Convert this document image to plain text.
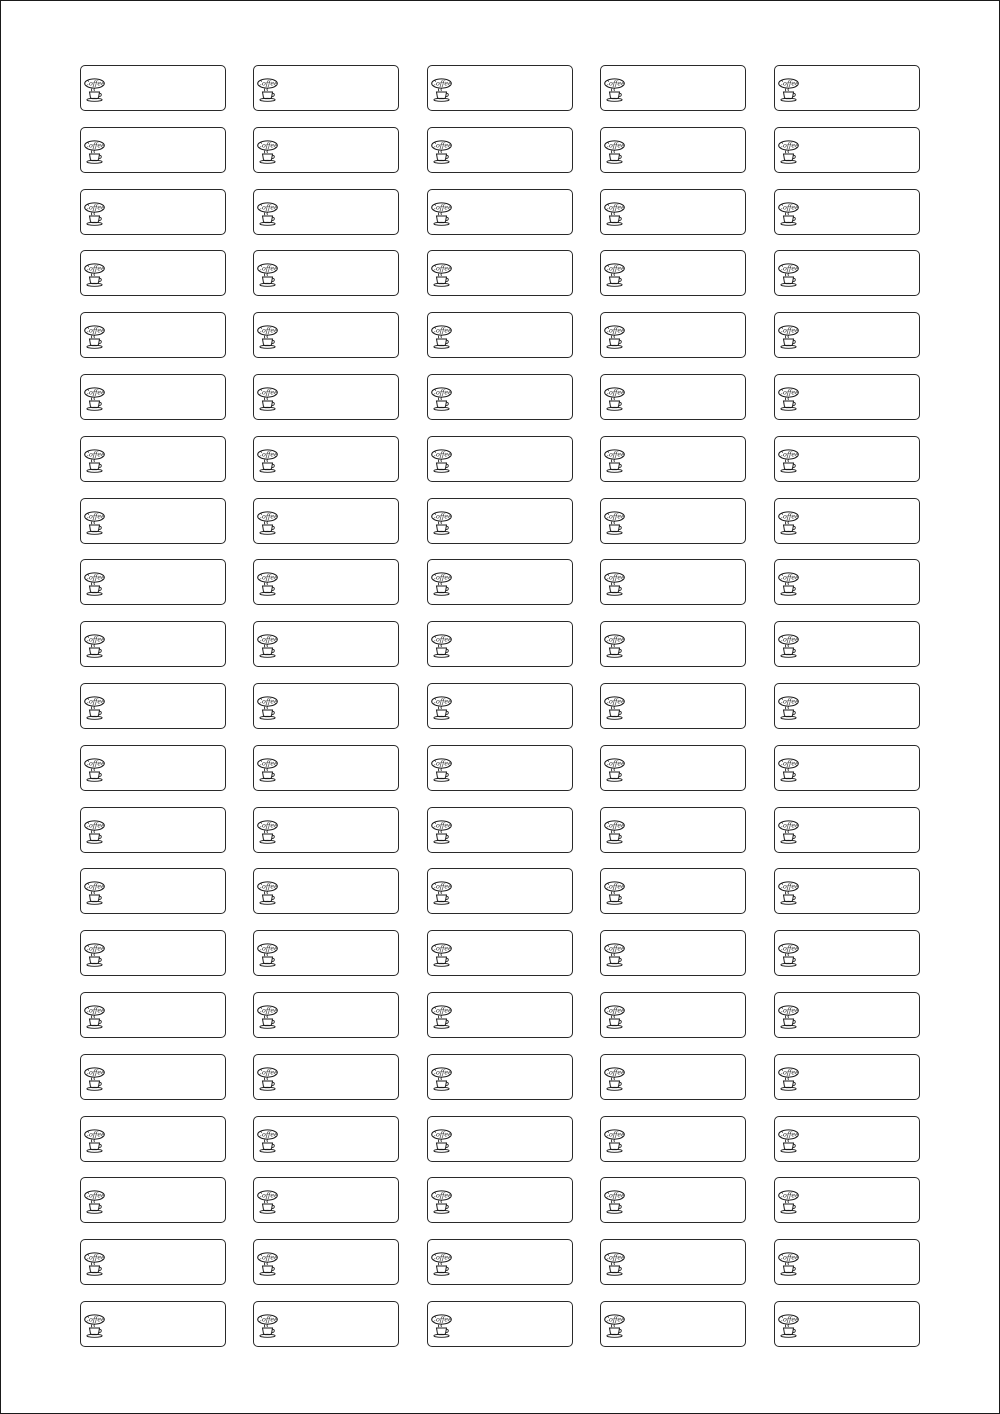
Coffee	Coffee	Coffee	Coffee	Coffee
Coffee	Coffee	Coffee	Coffee	Coffee
Coffee	Coffee	Coffee	Coffee	Coffee
Coffee	Coffee	Coffee	Coffee	Coffee
Coffee	Coffee	Coffee	Coffee	Coffee
Coffee	Coffee	Coffee	Coffee	Coffee
Coffee	Coffee	Coffee	Coffee	Coffee
Coffee	Coffee	Coffee	Coffee	Coffee
Coffee	Coffee	Coffee	Coffee	Coffee
Coffee	Coffee	Coffee	Coffee	Coffee
Coffee	Coffee	Coffee	Coffee	Coffee
Coffee	Coffee	Coffee	Coffee	Coffee
Coffee	Coffee	Coffee	Coffee	Coffee
Coffee	Coffee	Coffee	Coffee	Coffee
Coffee	Coffee	Coffee	Coffee	Coffee
Coffee	Coffee	Coffee	Coffee	Coffee
Coffee	Coffee	Coffee	Coffee	Coffee
Coffee	Coffee	Coffee	Coffee	Coffee
Coffee	Coffee	Coffee	Coffee	Coffee
Coffee	Coffee	Coffee	Coffee	Coffee
Coffee	Coffee	Coffee	Coffee	Coffee
